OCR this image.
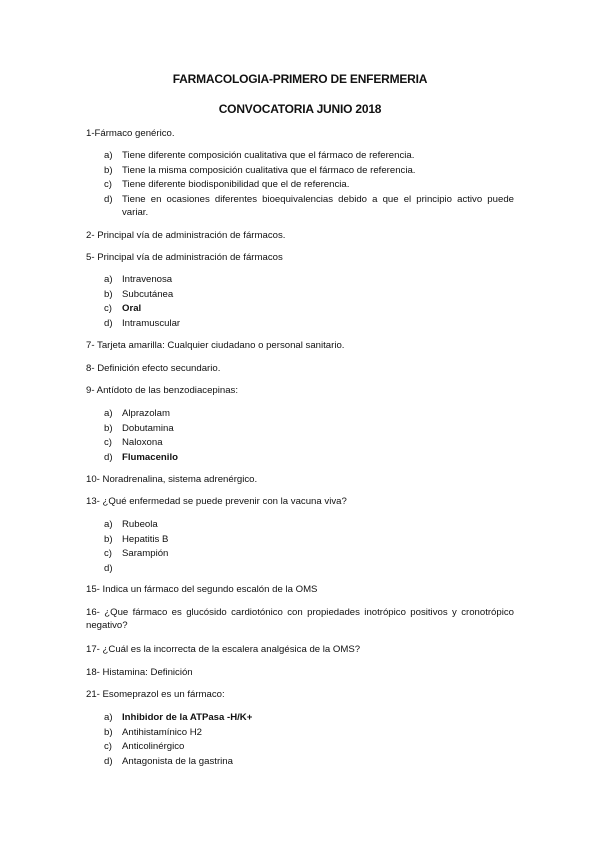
FARMACOLOGIA-PRIMERO DE ENFERMERIA
CONVOCATORIA JUNIO 2018
1-Fármaco genérico.
a) Tiene diferente composición cualitativa que el fármaco de referencia.
b) Tiene la misma composición cualitativa que el fármaco de referencia.
c) Tiene diferente biodisponibilidad que el de referencia.
d) Tiene en ocasiones diferentes bioequivalencias debido a que el principio activo puede variar.
2- Principal vía de administración de fármacos.
5- Principal vía de administración de fármacos
a) Intravenosa
b) Subcutánea
c) Oral
d) Intramuscular
7- Tarjeta amarilla: Cualquier ciudadano o personal sanitario.
8- Definición efecto secundario.
9- Antídoto de las benzodiacepinas:
a) Alprazolam
b) Dobutamina
c) Naloxona
d) Flumacenilo
10- Noradrenalina, sistema adrenérgico.
13- ¿Qué enfermedad se puede prevenir con la vacuna viva?
a) Rubeola
b) Hepatitis B
c) Sarampión
d)
15- Indica un fármaco del segundo escalón de la OMS
16- ¿Que fármaco es glucósido cardiotónico con propiedades inotrópico positivos y cronotrópico negativo?
17- ¿Cuál es la incorrecta de la escalera analgésica de la OMS?
18- Histamina: Definición
21- Esomeprazol es un fármaco:
a) Inhibidor de la ATPasa -H/K+
b) Antihistamínico H2
c) Anticolinérgico
d) Antagonista de la gastrina
